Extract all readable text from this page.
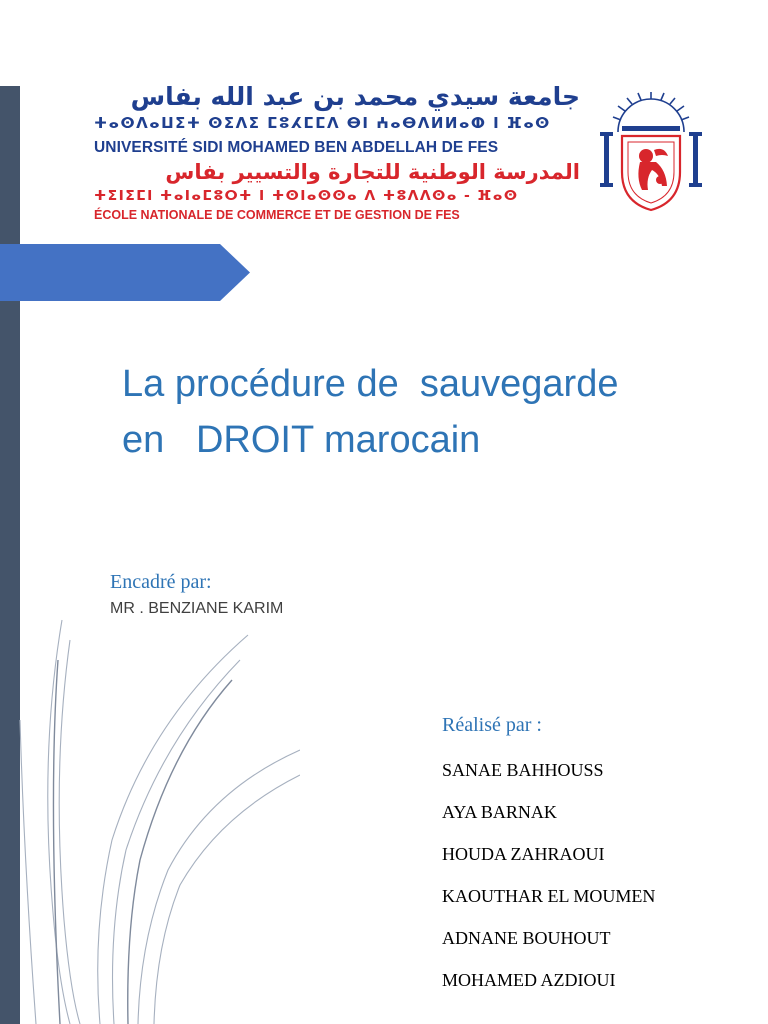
جامعة سيدي محمد بن عبد الله بفاس
ⵜⴰⵙⴷⴰⵡⵉⵜ ⵙⵉⴷⵉ ⵎⵓⵃⵎⵎⴷ ⴱⵏ ⵄⴰⴱⴷⵍⵍⴰⵀ ⵏ ⴼⴰⵙ
UNIVERSITÉ SIDI MOHAMED BEN ABDELLAH DE FES
المدرسة الوطنية للتجارة والتسيير بفاس
ⵜⵉⵏⵉⵎⵏ ⵜⴰⵏⴰⵎⵓⵔⵜ ⵏ ⵜⵙⵏⴰⵙⵙⴰ ⴷ ⵜⵓⴷⴷⵙⴰ - ⴼⴰⵙ
ÉCOLE NATIONALE DE COMMERCE ET DE GESTION DE FES
La procédure de  sauvegarde
en   DROIT marocain
Encadré par:
MR . BENZIANE KARIM
Réalisé par :
SANAE BAHHOUSS
AYA BARNAK
HOUDA ZAHRAOUI
KAOUTHAR EL MOUMEN
ADNANE BOUHOUT
MOHAMED AZDIOUI
